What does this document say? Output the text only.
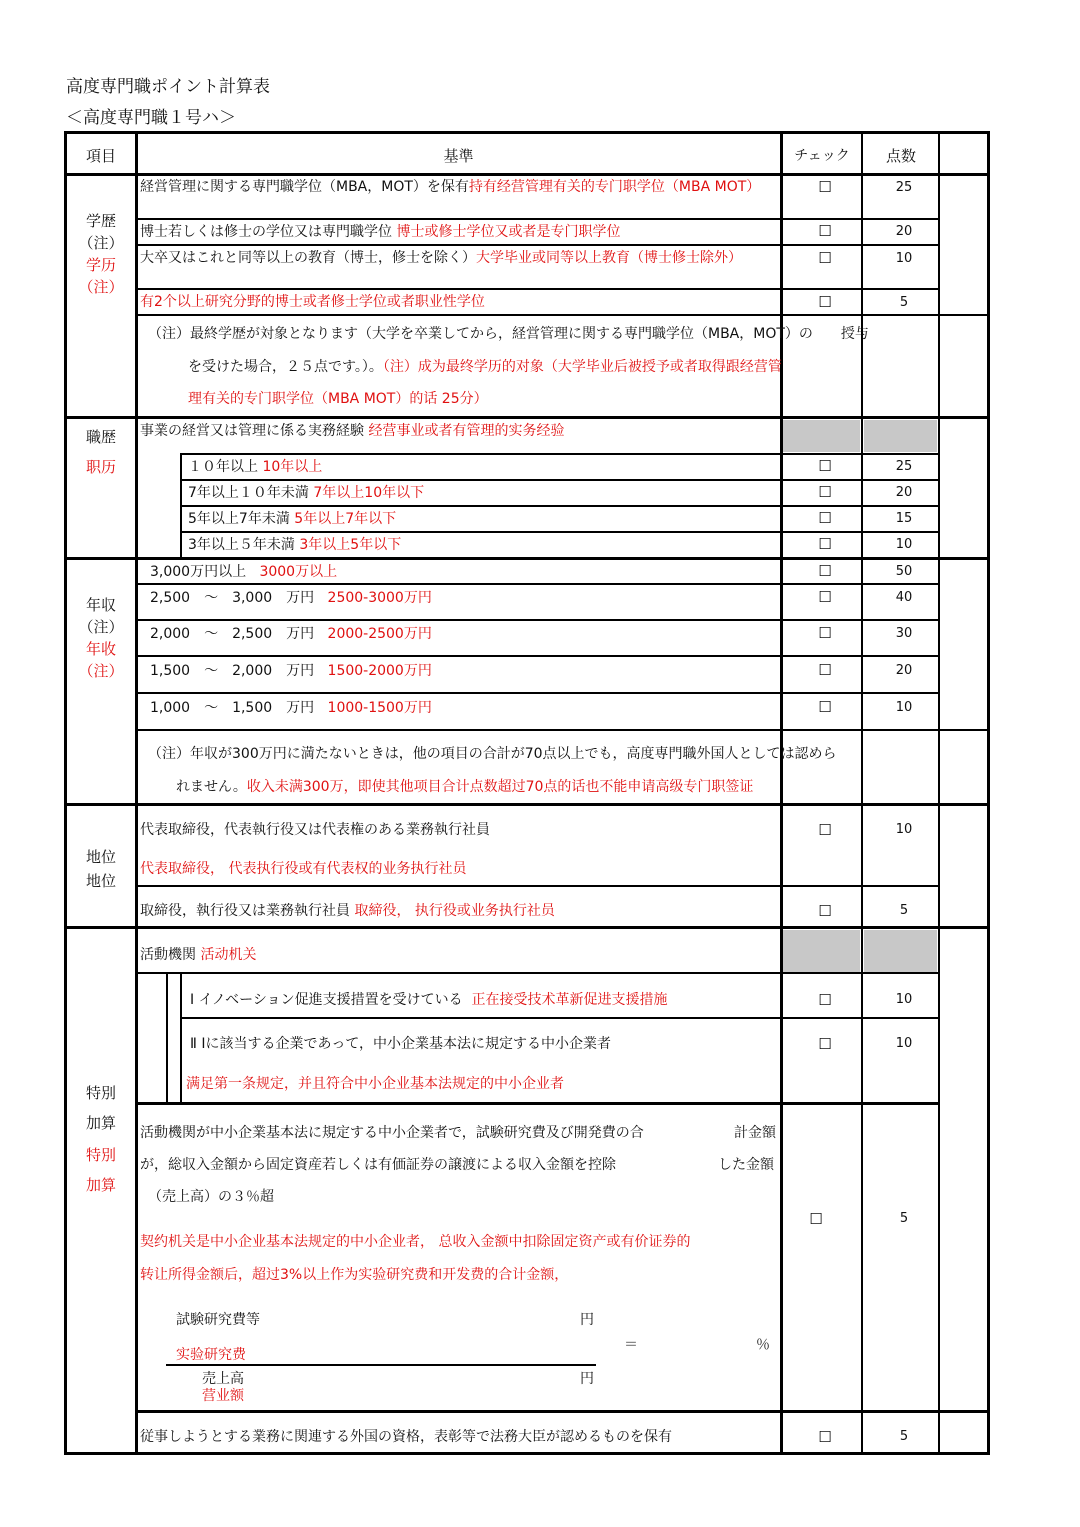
高度専門職ポイント計算表
＜高度専門職１号ハ＞
項目	基準	チェック	点数
学歴
（注）
学历
（注）
経営管理に関する専門職学位（MBA，MOT）を保有持有经营管理有关的专门职学位（MBA MOT）	☐	25
博士若しくは修士の学位又は専門職学位 博士或修士学位又或者是专门职学位	☐	20
大卒又はこれと同等以上の教育（博士，修士を除く）大学毕业或同等以上教育（博士修士除外）	☐	10
有2个以上研究分野的博士或者修士学位或者职业性学位	☐	5
（注）最終学歴が対象となります（大学を卒業してから，経営管理に関する専門職学位（MBA，MOT）の　　授与
を受けた場合，２５点です。）。（注）成为最终学历的对象（大学毕业后被授予或者取得跟经营管
理有关的专门职学位（MBA MOT）的话 25分）
職歴
职历
事業の経営又は管理に係る実務経験 经营事业或者有管理的实务经验
１０年以上 10年以上	☐	25
7年以上１０年未満 7年以上10年以下	☐	20
5年以上7年未満 5年以上7年以下	☐	15
3年以上５年未満 3年以上5年以下	☐	10
年収
（注）
年收
（注）
3,000万円以上 3000万以上	☐	50
2,500　～　3,000　万円 2500-3000万円	☐	40
2,000　～　2,500　万円 2000-2500万円	☐	30
1,500　～　2,000　万円 1500-2000万円	☐	20
1,000　～　1,500　万円 1000-1500万円	☐	10
（注）年収が300万円に満たないときは，他の項目の合計が70点以上でも，高度専門職外国人としては認めら
れません。收入未满300万，即使其他项目合计点数超过70点的话也不能申请高级专门职签证
地位
地位
代表取締役，代表執行役又は代表権のある業務執行社員
代表取締役， 代表执行役或有代表权的业务执行社员
☐	10
取締役，執行役又は業務執行社員 取締役， 执行役或业务执行社员	☐	5
特別
加算
特別
加算
活動機関 活动机关
Ⅰ イノベーション促進支援措置を受けている 正在接受技术革新促进支援措施	☐	10
Ⅱ Ⅰに該当する企業であって，中小企業基本法に規定する中小企業者
满足第一条规定，并且符合中小企业基本法规定的中小企业者
☐	10
活動機関が中小企業基本法に規定する中小企業者で，試験研究費及び開発費の合	計金額
が，総収入金額から固定資産若しくは有価証券の譲渡による収入金額を控除	した金額
（売上高）の３％超
契约机关是中小企业基本法规定的中小企业者， 总收入金额中扣除固定资产或有价证券的
转让所得金额后，超过3%以上作为实验研究费和开发费的合计金额，
試験研究費等	円
实验研究费
＝	％
売上高	円
营业额
☐	5
従事しようとする業務に関連する外国の資格，表彰等で法務大臣が認めるものを保有	☐	5
